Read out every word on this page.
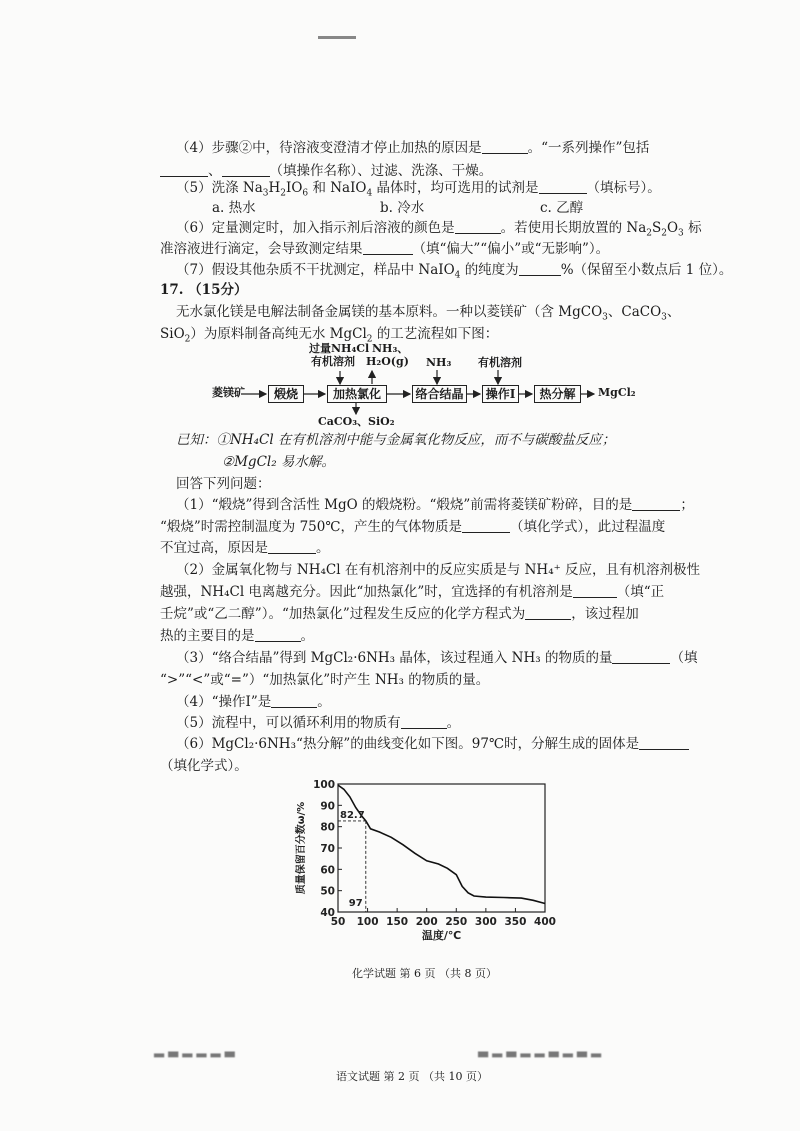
（4）步骤②中，待溶液变澄清才停止加热的原因是	。“一系列操作”包括
、	（填操作名称）、过滤、洗涤、干燥。
（5）洗涤 $Na_3H_2IO_6$ 和 NaIO$_4$ 晶体时，均可选用的试剂是	（填标号）。
a. 热水	b. 冷水	c. 乙醇
（6）定量测定时，加入指示剂后溶液的颜色是	。若使用长期放置的 $Na_2S_2O_3$ 标
准溶液进行滴定，会导致测定结果	（填“偏大”“偏小”或“无影响”）。
（7）假设其他杂质不干扰测定，样品中 NaIO$_4$ 的纯度为	%（保留至小数点后 1 位）。
17. （15分）
无水氯化镁是电解法制备金属镁的基本原料。一种以菱镁矿（含 MgCO$_3$、CaCO$_3$、
SiO$_2$）为原料制备高纯无水 MgCl$_2$ 的工艺流程如下图：
菱镁矿	煅烧	加热氯化	络合结晶	操作Ⅰ	热分解	MgCl₂
过量NH₄Cl
有机溶剂
NH₃、
H₂O(g)
CaCO₃、SiO₂
NH₃ 有机溶剂
已知：①NH₄Cl 在有机溶剂中能与金属氧化物反应，而不与碳酸盐反应；
②MgCl₂ 易水解。
回答下列问题：
（1）“煅烧”得到含活性 MgO 的煅烧粉。“煅烧”前需将菱镁矿粉碎，目的是	；
“煅烧”时需控制温度为 750℃，产生的气体物质是	（填化学式），此过程温度
不宜过高，原因是	。
（2）金属氧化物与 NH₄Cl 在有机溶剂中的反应实质是与 NH₄⁺ 反应，且有机溶剂极性
越强，NH₄Cl 电离越充分。因此“加热氯化”时，宜选择的有机溶剂是	（填“正
壬烷”或“乙二醇”）。“加热氯化”过程发生反应的化学方程式为	，该过程加
热的主要目的是	。
（3）“络合结晶”得到 MgCl₂·6NH₃ 晶体，该过程通入 NH₃ 的物质的量	（填
“>”“<”或“=”）“加热氯化”时产生 NH₃ 的物质的量。
（4）“操作Ⅰ”是	。
（5）流程中，可以循环利用的物质有	。
（6）MgCl₂·6NH₃“热分解”的曲线变化如下图。97℃时，分解生成的固体是
（填化学式）。
50 100 150 200 250 300 350 400
40
50
60
70
80
90
100
82.7
97
温度/℃
质量保留百分数ω/%
化学试题 第 6 页 （共 8 页）
▂ ▃ ▂ ▂ ▂ ▃	▃ ▂ ▃ ▂ ▂ ▃ ▂ ▃ ▂
语文试题 第 2 页 （共 10 页）
